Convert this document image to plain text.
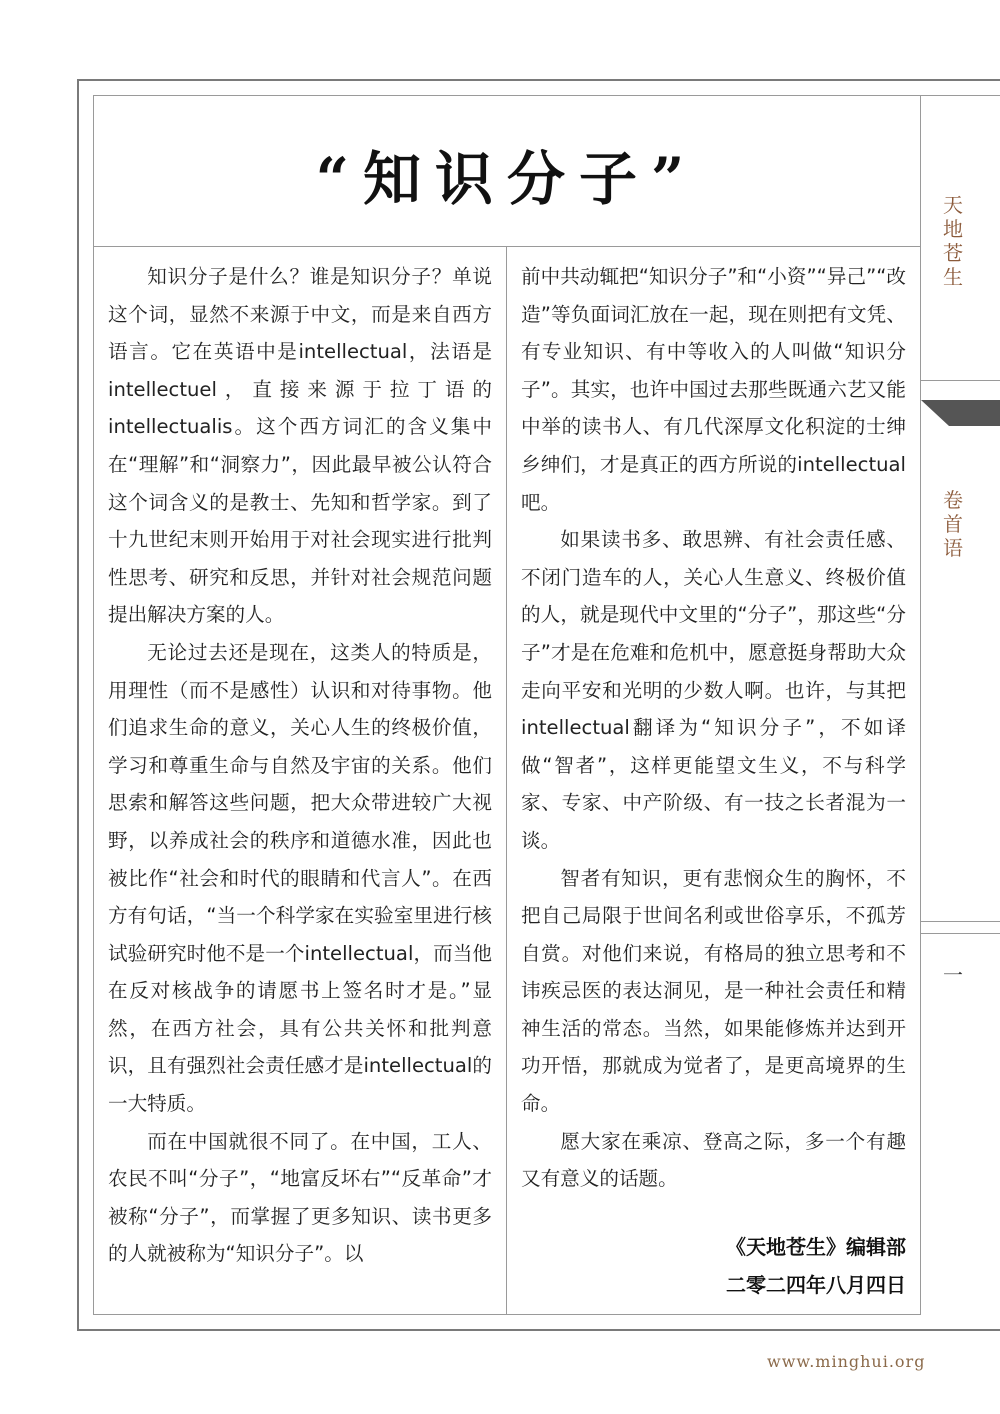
“知识分子”

知识分子是什么？谁是知识分子？单说这个词，显然不来源于中文，而是来自西方语言。它在英语中是intellectual，法语是intellectuel，直接来源于拉丁语的intellectualis。这个西方词汇的含义集中在“理解”和“洞察力”，因此最早被公认符合这个词含义的是教士、先知和哲学家。到了十九世纪末则开始用于对社会现实进行批判性思考、研究和反思，并针对社会规范问题提出解决方案的人。

无论过去还是现在，这类人的特质是，用理性（而不是感性）认识和对待事物。他们追求生命的意义，关心人生的终极价值，学习和尊重生命与自然及宇宙的关系。他们思索和解答这些问题，把大众带进较广大视野，以养成社会的秩序和道德水准，因此也被比作“社会和时代的眼睛和代言人”。在西方有句话，“当一个科学家在实验室里进行核试验研究时他不是一个intellectual，而当他在反对核战争的请愿书上签名时才是。”显然，在西方社会，具有公共关怀和批判意识，且有强烈社会责任感才是intellectual的一大特质。

而在中国就很不同了。在中国，工人、农民不叫“分子”，“地富反坏右”“反革命”才被称“分子”，而掌握了更多知识、读书更多的人就被称为“知识分子”。以

前中共动辄把“知识分子”和“小资”“异己”“改造”等负面词汇放在一起，现在则把有文凭、有专业知识、有中等收入的人叫做“知识分子”。其实，也许中国过去那些既通六艺又能中举的读书人、有几代深厚文化积淀的士绅乡绅们，才是真正的西方所说的intellectual吧。

如果读书多、敢思辨、有社会责任感、不闭门造车的人，关心人生意义、终极价值的人，就是现代中文里的“分子”，那这些“分子”才是在危难和危机中，愿意挺身帮助大众走向平安和光明的少数人啊。也许，与其把intellectual翻译为“知识分子”，不如译做“智者”，这样更能望文生义，不与科学家、专家、中产阶级、有一技之长者混为一谈。

智者有知识，更有悲悯众生的胸怀，不把自己局限于世间名利或世俗享乐，不孤芳自赏。对他们来说，有格局的独立思考和不讳疾忌医的表达洞见，是一种社会责任和精神生活的常态。当然，如果能修炼并达到开功开悟，那就成为觉者了，是更高境界的生命。

愿大家在乘凉、登高之际，多一个有趣又有意义的话题。

《天地苍生》编辑部
二零二四年八月四日
天
地
苍
生
卷
首
语
一
www.minghui.org
